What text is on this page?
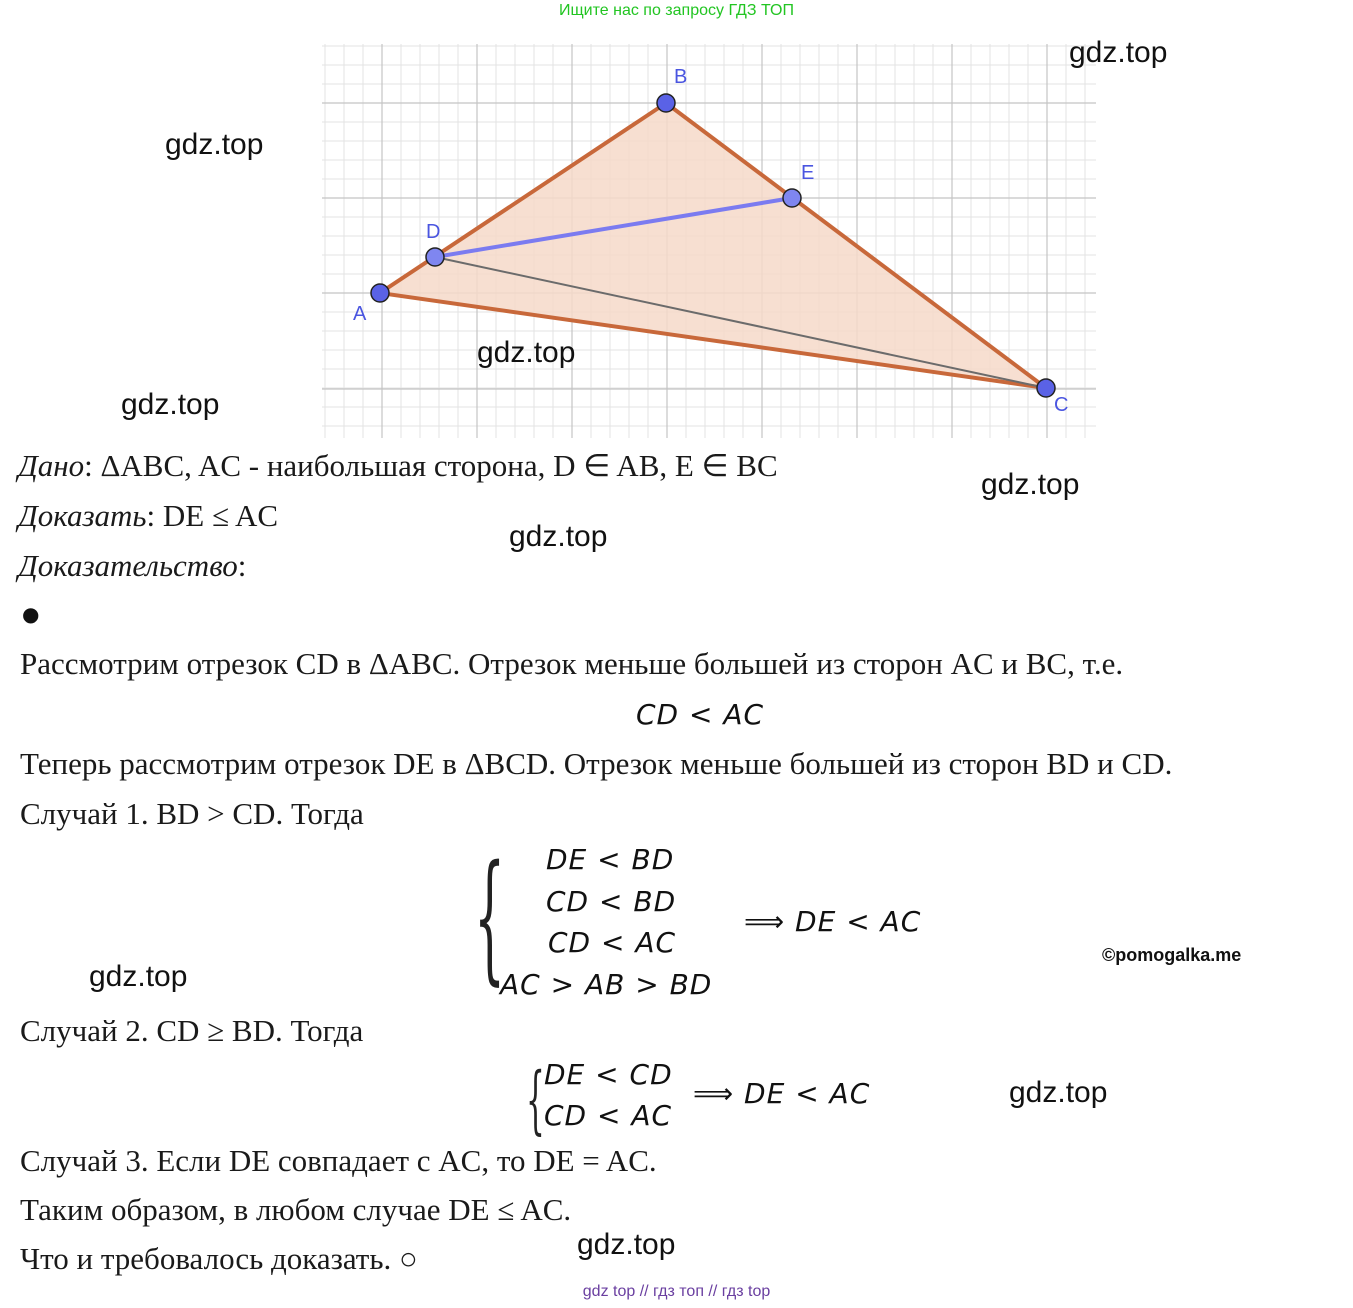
Ищите нас по запросу ГДЗ ТОП
A
B
C
D
E
gdz.top
gdz.top
gdz.top
gdz.top
gdz.top
gdz.top
gdz.top
gdz.top
gdz.top
Дано: ΔABC, AC - наибольшая сторона, D ∈ AB, E ∈ BC
Доказать: DE ≤ AC
Доказательство:
●
Рассмотрим отрезок CD в ΔABC. Отрезок меньше большей из сторон AC и BC, т.е.
CD < AC
Теперь рассмотрим отрезок DE в ΔBCD. Отрезок меньше большей из сторон BD и CD.
Случай 1. BD > CD. Тогда
{ DE < BD
CD < BD
CD < AC
AC > AB > BD
⟹ DE < AC
©pomogalka.me
Случай 2. CD ≥ BD. Тогда
{ DE < CD
CD < AC
⟹ DE < AC
Случай 3. Если DE совпадает с AC, то DE = AC.
Таким образом, в любом случае DE ≤ AC.
Что и требовалось доказать. ○
gdz top // гдз топ // гдз top
